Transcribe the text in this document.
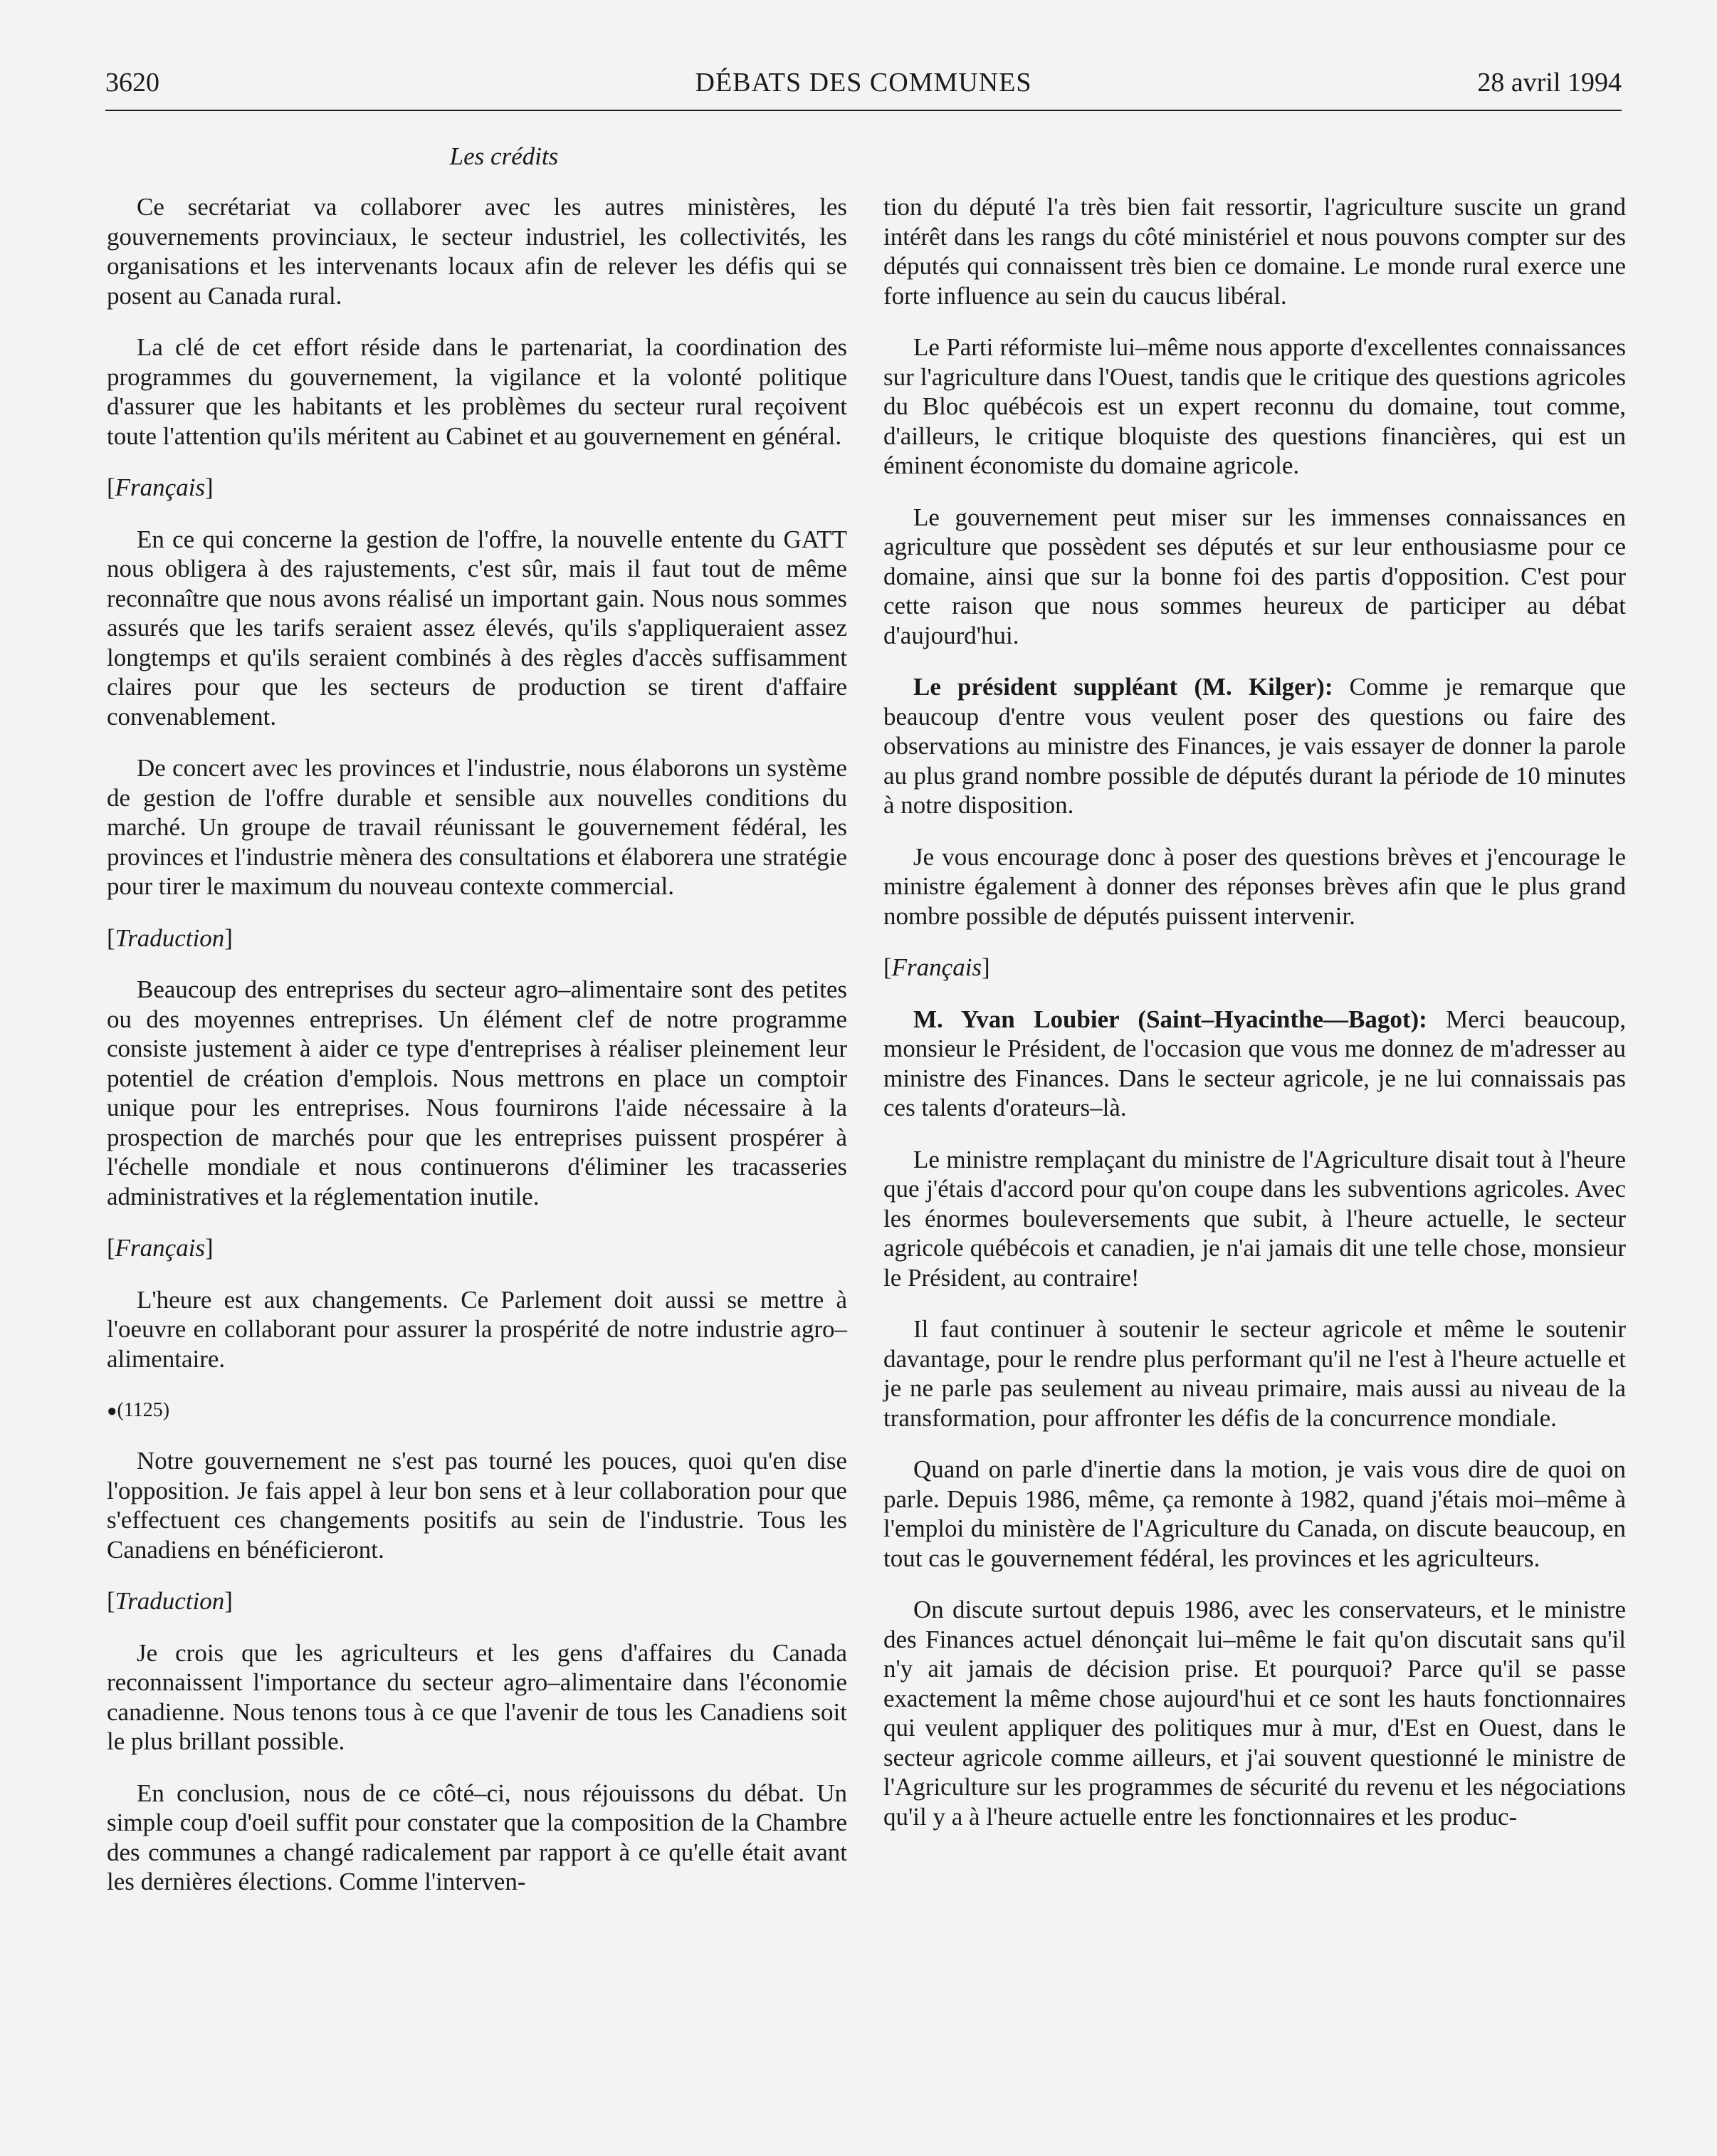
3620	DÉBATS DES COMMUNES	28 avril 1994
Les crédits

Ce secrétariat va collaborer avec les autres ministères, les gouvernements provinciaux, le secteur industriel, les collectivités, les organisations et les intervenants locaux afin de relever les défis qui se posent au Canada rural.

La clé de cet effort réside dans le partenariat, la coordination des programmes du gouvernement, la vigilance et la volonté politique d'assurer que les habitants et les problèmes du secteur rural reçoivent toute l'attention qu'ils méritent au Cabinet et au gouvernement en général.

[Français]

En ce qui concerne la gestion de l'offre, la nouvelle entente du GATT nous obligera à des rajustements, c'est sûr, mais il faut tout de même reconnaître que nous avons réalisé un important gain. Nous nous sommes assurés que les tarifs seraient assez élevés, qu'ils s'appliqueraient assez longtemps et qu'ils seraient combinés à des règles d'accès suffisamment claires pour que les secteurs de production se tirent d'affaire convenablement.

De concert avec les provinces et l'industrie, nous élaborons un système de gestion de l'offre durable et sensible aux nouvelles conditions du marché. Un groupe de travail réunissant le gouvernement fédéral, les provinces et l'industrie mènera des consultations et élaborera une stratégie pour tirer le maximum du nouveau contexte commercial.

[Traduction]

Beaucoup des entreprises du secteur agro–alimentaire sont des petites ou des moyennes entreprises. Un élément clef de notre programme consiste justement à aider ce type d'entreprises à réaliser pleinement leur potentiel de création d'emplois. Nous mettrons en place un comptoir unique pour les entreprises. Nous fournirons l'aide nécessaire à la prospection de marchés pour que les entreprises puissent prospérer à l'échelle mondiale et nous continuerons d'éliminer les tracasseries administratives et la réglementation inutile.

[Français]

L'heure est aux changements. Ce Parlement doit aussi se mettre à l'oeuvre en collaborant pour assurer la prospérité de notre industrie agro–alimentaire.

●(1125)

Notre gouvernement ne s'est pas tourné les pouces, quoi qu'en dise l'opposition. Je fais appel à leur bon sens et à leur collaboration pour que s'effectuent ces changements positifs au sein de l'industrie. Tous les Canadiens en bénéficieront.

[Traduction]

Je crois que les agriculteurs et les gens d'affaires du Canada reconnaissent l'importance du secteur agro–alimentaire dans l'économie canadienne. Nous tenons tous à ce que l'avenir de tous les Canadiens soit le plus brillant possible.

En conclusion, nous de ce côté–ci, nous réjouissons du débat. Un simple coup d'oeil suffit pour constater que la composition de la Chambre des communes a changé radicalement par rapport à ce qu'elle était avant les dernières élections. Comme l'interven-

tion du député l'a très bien fait ressortir, l'agriculture suscite un grand intérêt dans les rangs du côté ministériel et nous pouvons compter sur des députés qui connaissent très bien ce domaine. Le monde rural exerce une forte influence au sein du caucus libéral.

Le Parti réformiste lui–même nous apporte d'excellentes connaissances sur l'agriculture dans l'Ouest, tandis que le critique des questions agricoles du Bloc québécois est un expert reconnu du domaine, tout comme, d'ailleurs, le critique bloquiste des questions financières, qui est un éminent économiste du domaine agricole.

Le gouvernement peut miser sur les immenses connaissances en agriculture que possèdent ses députés et sur leur enthousiasme pour ce domaine, ainsi que sur la bonne foi des partis d'opposition. C'est pour cette raison que nous sommes heureux de participer au débat d'aujourd'hui.

Le président suppléant (M. Kilger): Comme je remarque que beaucoup d'entre vous veulent poser des questions ou faire des observations au ministre des Finances, je vais essayer de donner la parole au plus grand nombre possible de députés durant la période de 10 minutes à notre disposition.

Je vous encourage donc à poser des questions brèves et j'encourage le ministre également à donner des réponses brèves afin que le plus grand nombre possible de députés puissent intervenir.

[Français]

M. Yvan Loubier (Saint–Hyacinthe—Bagot): Merci beaucoup, monsieur le Président, de l'occasion que vous me donnez de m'adresser au ministre des Finances. Dans le secteur agricole, je ne lui connaissais pas ces talents d'orateurs–là.

Le ministre remplaçant du ministre de l'Agriculture disait tout à l'heure que j'étais d'accord pour qu'on coupe dans les subventions agricoles. Avec les énormes bouleversements que subit, à l'heure actuelle, le secteur agricole québécois et canadien, je n'ai jamais dit une telle chose, monsieur le Président, au contraire!

Il faut continuer à soutenir le secteur agricole et même le soutenir davantage, pour le rendre plus performant qu'il ne l'est à l'heure actuelle et je ne parle pas seulement au niveau primaire, mais aussi au niveau de la transformation, pour affronter les défis de la concurrence mondiale.

Quand on parle d'inertie dans la motion, je vais vous dire de quoi on parle. Depuis 1986, même, ça remonte à 1982, quand j'étais moi–même à l'emploi du ministère de l'Agriculture du Canada, on discute beaucoup, en tout cas le gouvernement fédéral, les provinces et les agriculteurs.

On discute surtout depuis 1986, avec les conservateurs, et le ministre des Finances actuel dénonçait lui–même le fait qu'on discutait sans qu'il n'y ait jamais de décision prise. Et pourquoi? Parce qu'il se passe exactement la même chose aujourd'hui et ce sont les hauts fonctionnaires qui veulent appliquer des politiques mur à mur, d'Est en Ouest, dans le secteur agricole comme ailleurs, et j'ai souvent questionné le ministre de l'Agriculture sur les programmes de sécurité du revenu et les négociations qu'il y a à l'heure actuelle entre les fonctionnaires et les produc-
